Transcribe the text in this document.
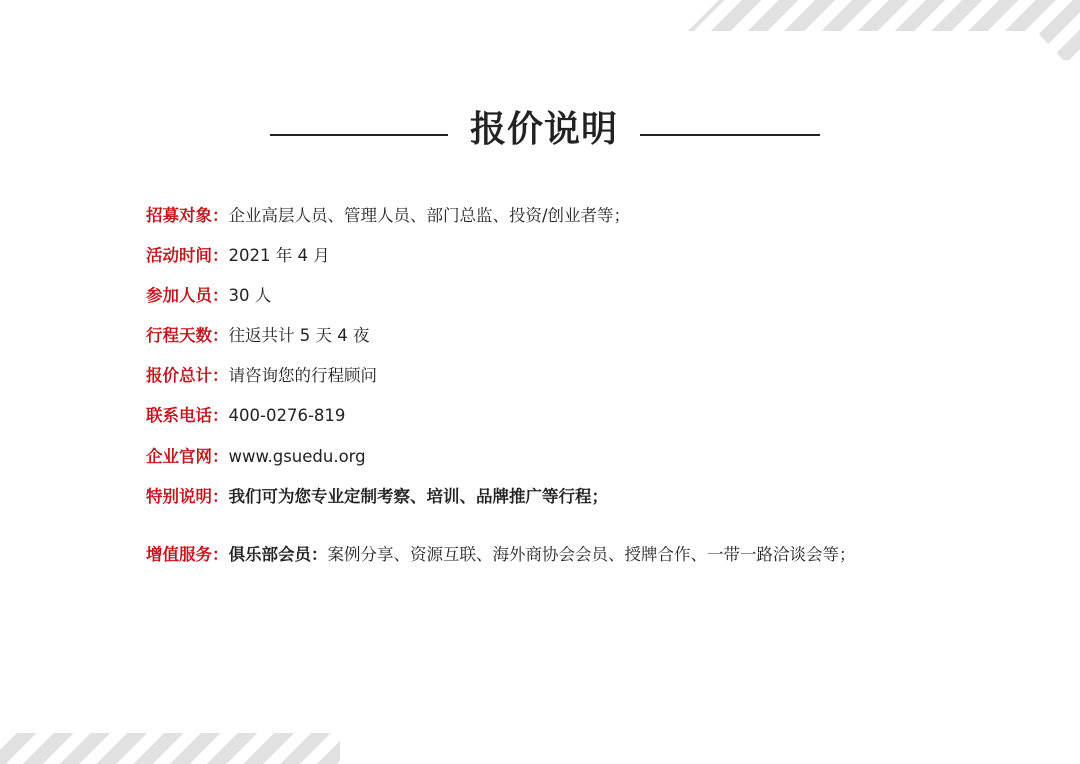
报价说明
招募对象：企业高层人员、管理人员、部门总监、投资/创业者等；
活动时间：2021 年 4 月
参加人员：30 人
行程天数：往返共计 5 天 4 夜
报价总计：请咨询您的行程顾问
联系电话：400-0276-819
企业官网：www.gsuedu.org
特别说明：我们可为您专业定制考察、培训、品牌推广等行程；
增值服务：俱乐部会员：案例分享、资源互联、海外商协会会员、授牌合作、一带一路洽谈会等；
